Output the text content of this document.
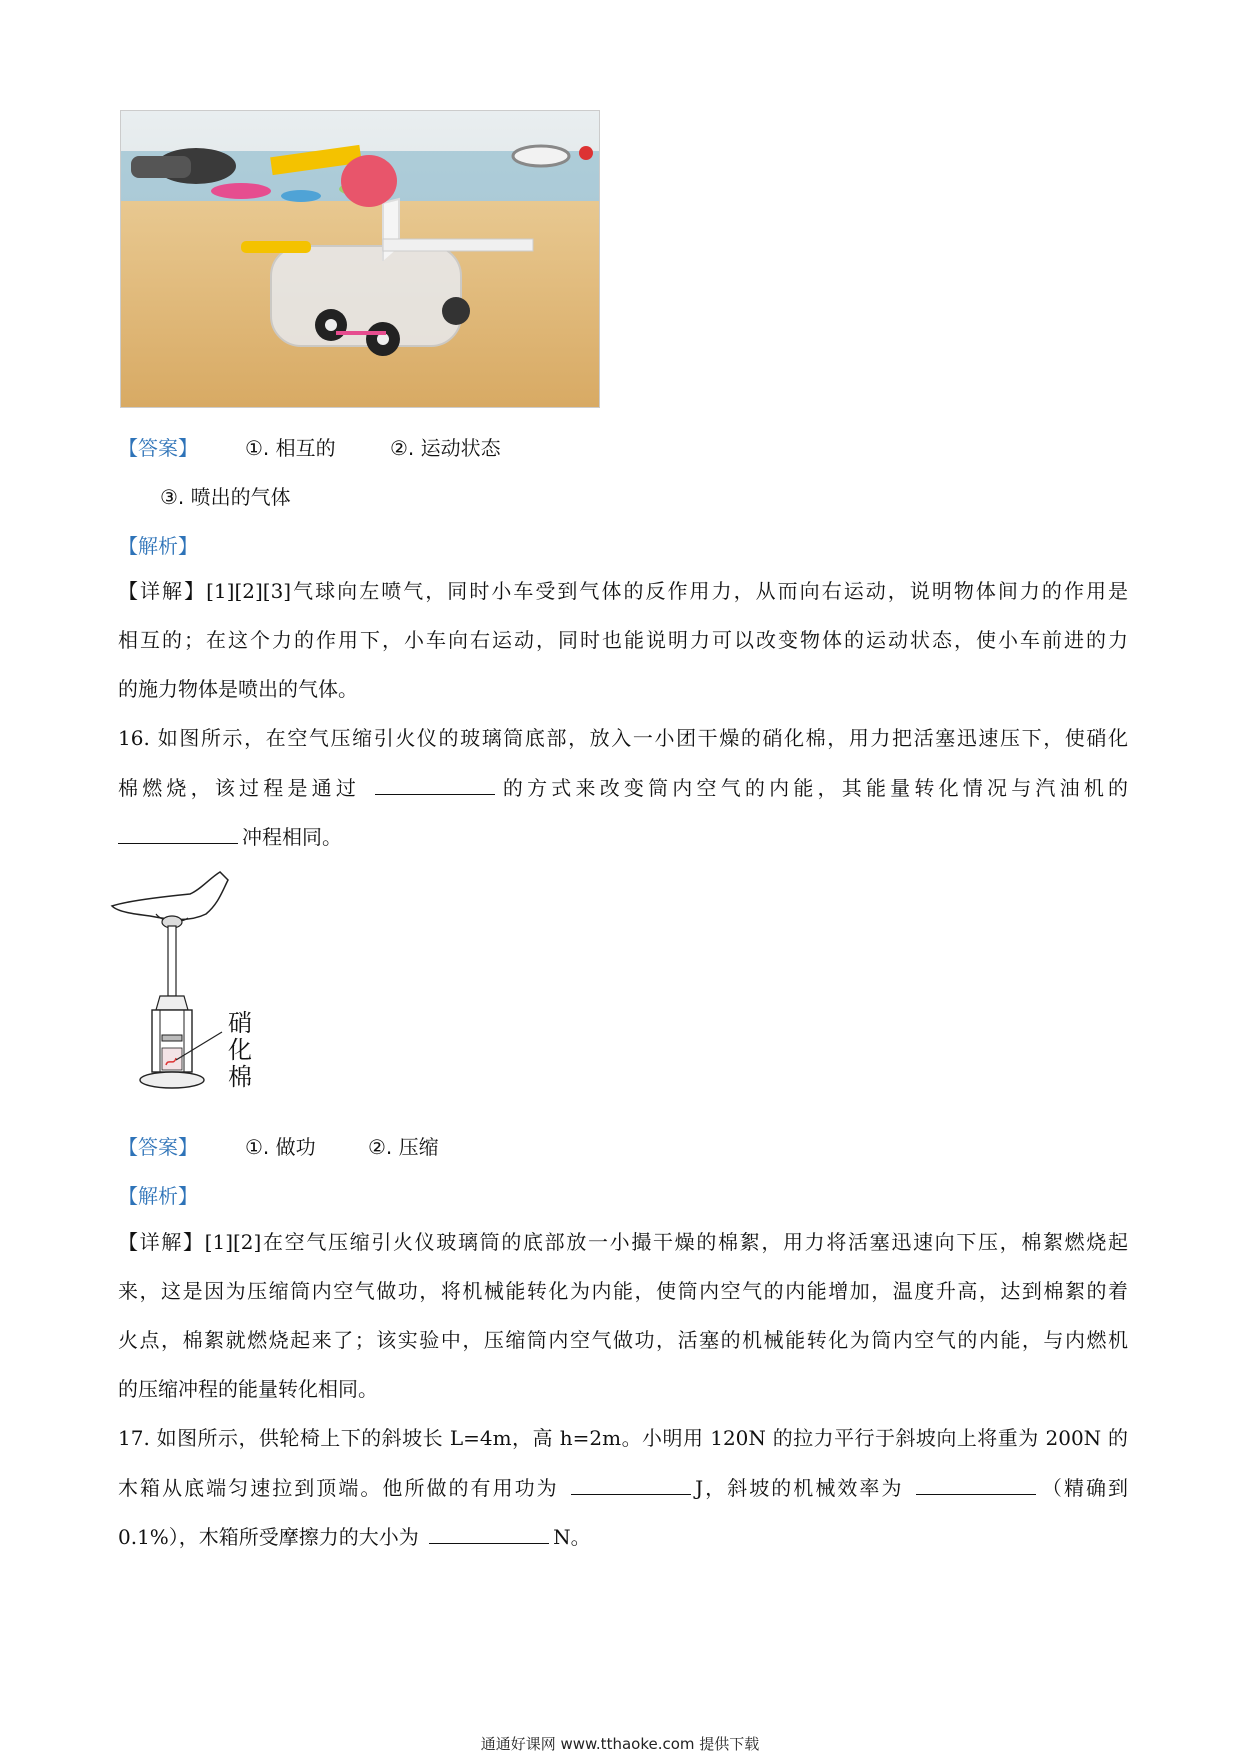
【答案】 ①. 相互的	②. 运动状态
③. 喷出的气体
【解析】
【详解】[1][2][3]气球向左喷气，同时小车受到气体的反作用力，从而向右运动，说明物体间力的作用是
相互的；在这个力的作用下，小车向右运动，同时也能说明力可以改变物体的运动状态，使小车前进的力
的施力物体是喷出的气体。
16. 如图所示，在空气压缩引火仪的玻璃筒底部，放入一小团干燥的硝化棉，用力把活塞迅速压下，使硝化
棉燃烧，该过程是通过	的方式来改变筒内空气的内能，其能量转化情况与汽油机的
冲程相同。
硝
化
棉
【答案】 ①. 做功	②. 压缩
【解析】
【详解】[1][2]在空气压缩引火仪玻璃筒的底部放一小撮干燥的棉絮，用力将活塞迅速向下压，棉絮燃烧起
来，这是因为压缩筒内空气做功，将机械能转化为内能，使筒内空气的内能增加，温度升高，达到棉絮的着
火点，棉絮就燃烧起来了；该实验中，压缩筒内空气做功，活塞的机械能转化为筒内空气的内能，与内燃机
的压缩冲程的能量转化相同。
17. 如图所示，供轮椅上下的斜坡长 L=4m，高 h=2m。小明用 120N 的拉力平行于斜坡向上将重为 200N 的
木箱从底端匀速拉到顶端。他所做的有用功为	J，斜坡的机械效率为	（精确到
0.1%），木箱所受摩擦力的大小为	N。
通通好课网 www.tthaoke.com 提供下载
